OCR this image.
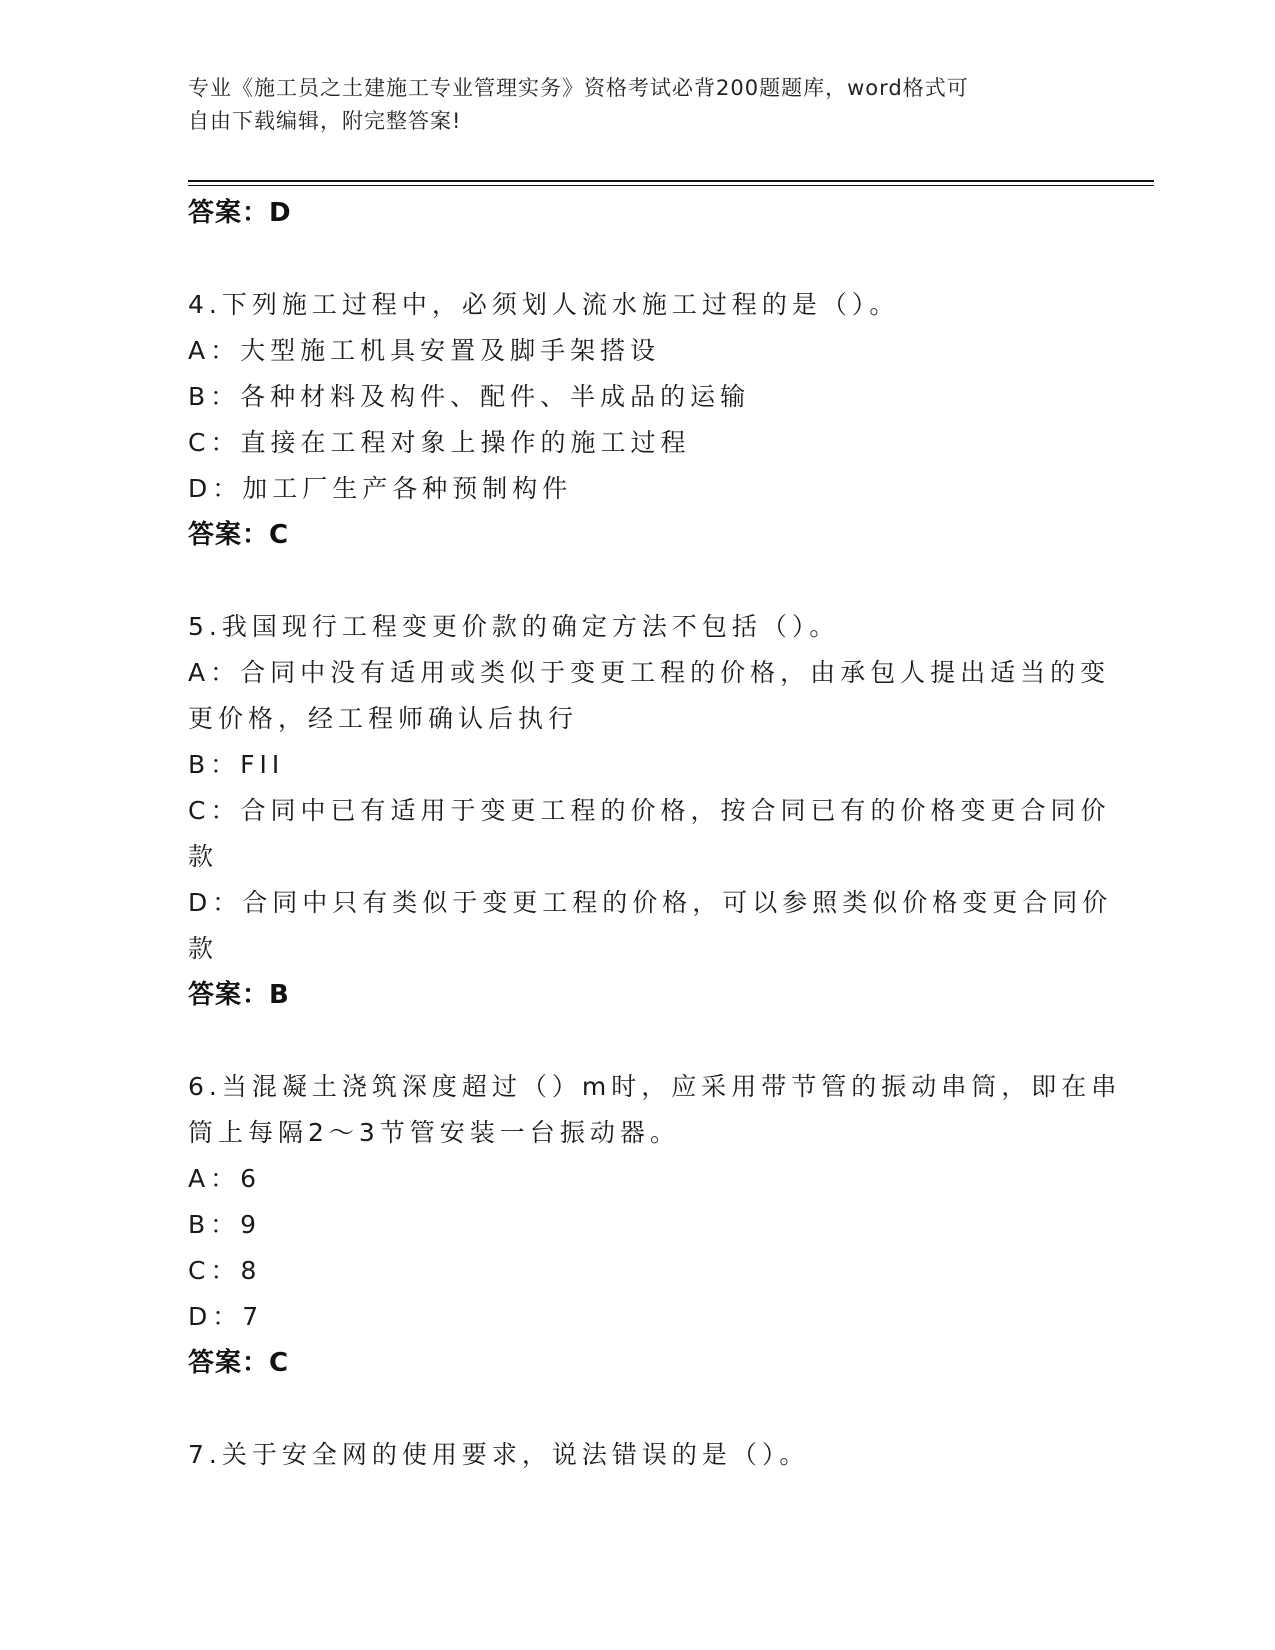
专业《施工员之土建施工专业管理实务》资格考试必背200题题库，word格式可
自由下载编辑，附完整答案!
答案：D
4.下列施工过程中，必须划人流水施工过程的是（）。
A：大型施工机具安置及脚手架搭设
B：各种材料及构件、配件、半成品的运输
C：直接在工程对象上操作的施工过程
D：加工厂生产各种预制构件
答案：C
5.我国现行工程变更价款的确定方法不包括（）。
A：合同中没有适用或类似于变更工程的价格，由承包人提出适当的变
更价格，经工程师确认后执行
B：FII
C：合同中已有适用于变更工程的价格，按合同已有的价格变更合同价
款
D：合同中只有类似于变更工程的价格，可以参照类似价格变更合同价
款
答案：B
6.当混凝土浇筑深度超过（）m时，应采用带节管的振动串筒，即在串
筒上每隔2～3节管安装一台振动器。
A：6
B：9
C：8
D：7
答案：C
7.关于安全网的使用要求，说法错误的是（）。
